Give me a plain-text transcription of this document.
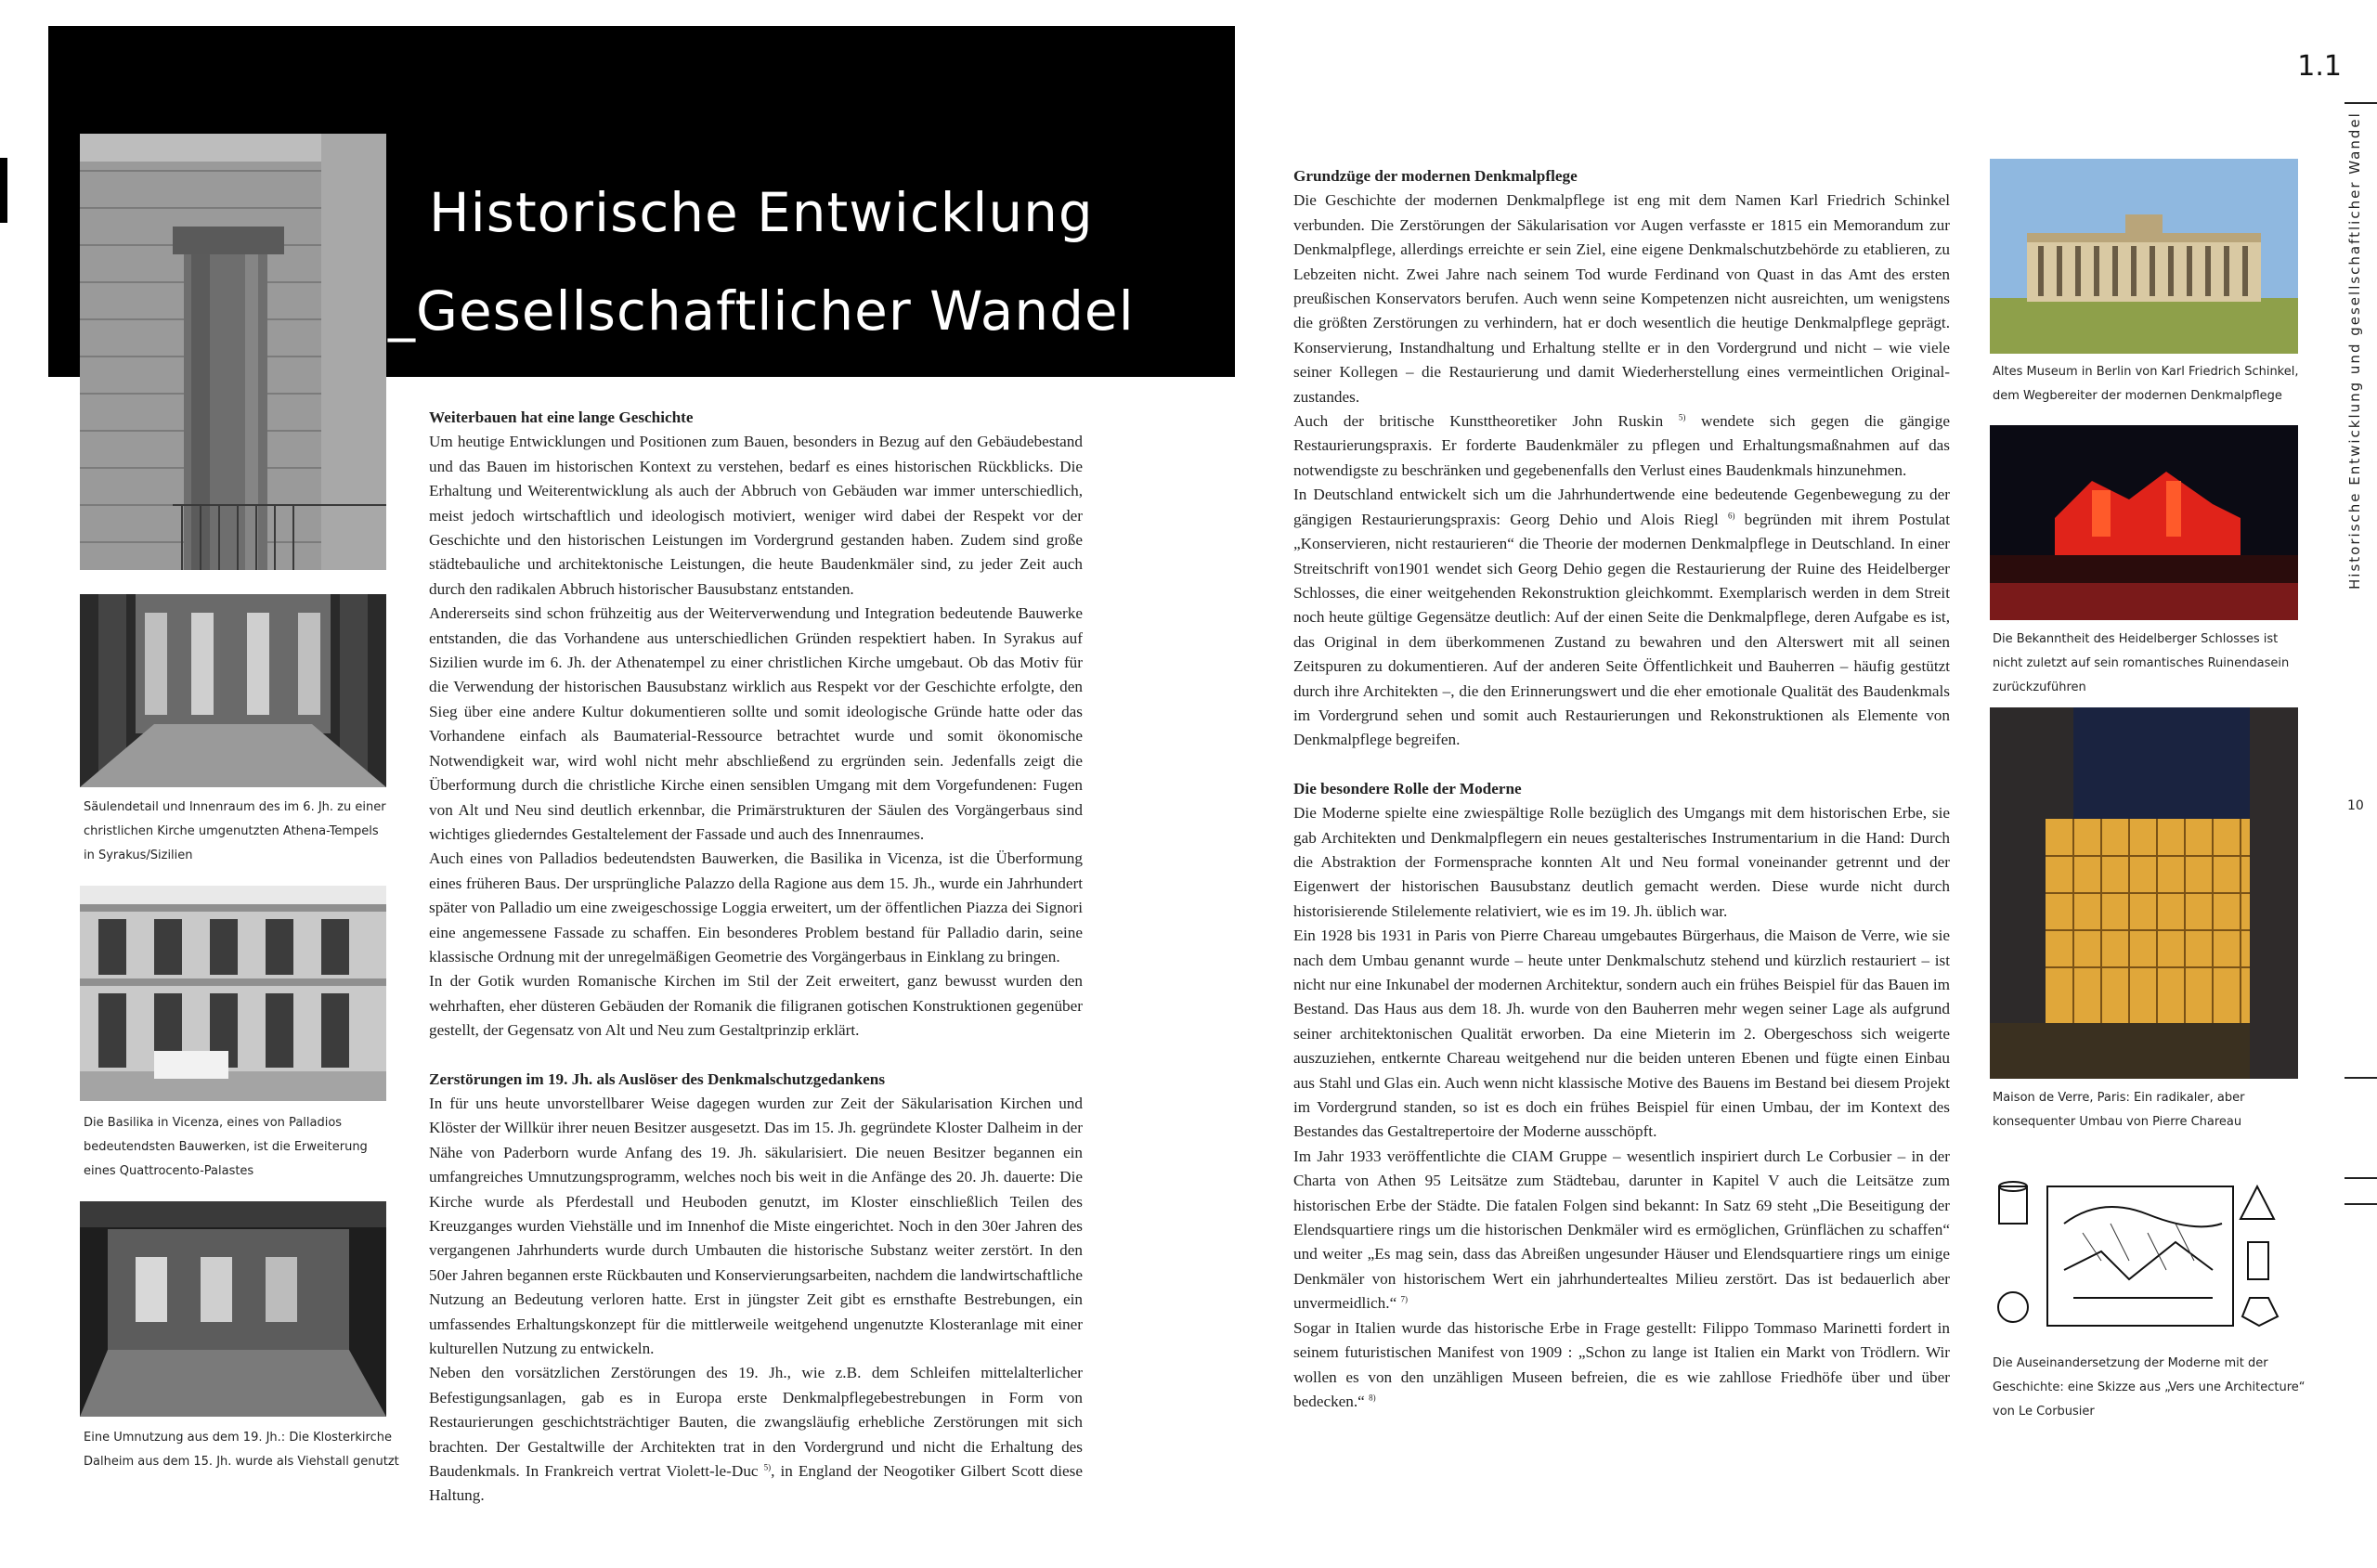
Historische Entwicklung
_Gesellschaftlicher Wandel
Säulendetail und Innenraum des im 6. Jh. zu einer
christlichen Kirche umgenutzten Athena-Tempels
in Syrakus/Sizilien
Die Basilika in Vicenza, eines von Palladios
bedeutendsten Bauwerken, ist die Erweiterung
eines Quattrocento-Palastes
Eine Umnutzung aus dem 19. Jh.: Die Klosterkirche
Dalheim aus dem 15. Jh. wurde als Viehstall genutzt
Weiterbauen hat eine lange Geschichte

Um heutige Entwicklungen und Positionen zum Bauen, besonders in Bezug auf den Gebäudebestand und das Bauen im historischen Kontext zu verstehen, bedarf es eines historischen Rückblicks. Die Erhaltung und Weiterentwicklung als auch der Abbruch von Gebäuden war immer unterschiedlich, meist jedoch wirtschaftlich und ideologisch motiviert, weniger wird dabei der Respekt vor der Geschichte und den historischen Leistungen im Vordergrund gestanden haben. Zudem sind große städtebauliche und architektonische Leistungen, die heute Baudenkmäler sind, zu jeder Zeit auch durch den radikalen Abbruch historischer Bausubstanz entstanden.

Andererseits sind schon frühzeitig aus der Weiterverwendung und Integration bedeutende Bauwerke entstanden, die das Vorhandene aus unterschiedlichen Gründen respektiert haben. In Syrakus auf Sizilien wurde im 6. Jh. der Athenatempel zu einer christlichen Kirche umgebaut. Ob das Motiv für die Verwendung der historischen Bausubstanz wirklich aus Respekt vor der Geschichte erfolgte, den Sieg über eine andere Kultur dokumentieren sollte und somit ideologische Gründe hatte oder das Vorhandene einfach als Baumaterial-Ressource betrachtet wurde und somit ökonomische Notwendigkeit war, wird wohl nicht mehr abschließend zu ergründen sein. Jedenfalls zeigt die Überformung durch die christliche Kirche einen sensiblen Umgang mit dem Vorgefundenen: Fugen von Alt und Neu sind deutlich erkennbar, die Primärstrukturen der Säulen des Vorgängerbaus sind wichtiges gliederndes Gestaltelement der Fassade und auch des Innenraumes.

Auch eines von Palladios bedeutendsten Bauwerken, die Basilika in Vicenza, ist die Überformung eines früheren Baus. Der ursprüngliche Palazzo della Ragione aus dem 15. Jh., wurde ein Jahrhundert später von Palladio um eine zweigeschossige Loggia erweitert, um der öffentlichen Piazza dei Signori eine angemessene Fassade zu schaffen. Ein besonderes Problem bestand für Palladio darin, seine klassische Ordnung mit der unregelmäßigen Geometrie des Vorgängerbaus in Einklang zu bringen.

In der Gotik wurden Romanische Kirchen im Stil der Zeit erweitert, ganz bewusst wurden den wehrhaften, eher düsteren Gebäuden der Romanik die filigranen gotischen Konstruktionen gegenüber gestellt, der Gegensatz von Alt und Neu zum Gestaltprinzip erklärt.

Zerstörungen im 19. Jh. als Auslöser des Denkmalschutzgedankens

In für uns heute unvorstellbarer Weise dagegen wurden zur Zeit der Säkularisation Kirchen und Klöster der Willkür ihrer neuen Besitzer ausgesetzt. Das im 15. Jh. gegründete Kloster Dalheim in der Nähe von Paderborn wurde Anfang des 19. Jh. säkularisiert. Die neuen Besitzer begannen ein umfangreiches Umnutzungsprogramm, welches noch bis weit in die Anfänge des 20. Jh. dauerte: Die Kirche wurde als Pferdestall und Heuboden genutzt, im Kloster einschließlich Teilen des Kreuzganges wurden Viehställe und im Innenhof die Miste eingerichtet. Noch in den 30er Jahren des vergangenen Jahrhunderts wurde durch Umbauten die historische Substanz weiter zerstört. In den 50er Jahren begannen erste Rückbauten und Konservierungsarbeiten, nachdem die landwirtschaftliche Nutzung an Bedeutung verloren hatte. Erst in jüngster Zeit gibt es ernsthafte Bestrebungen, ein umfassendes Erhaltungskonzept für die mittlerweile weitgehend ungenutzte Klosteranlage mit einer kulturellen Nutzung zu entwickeln.

Neben den vorsätzlichen Zerstörungen des 19. Jh., wie z.B. dem Schleifen mittelalterlicher Befestigungsanlagen, gab es in Europa erste Denkmalpflegebestrebungen in Form von Restaurierungen geschichtsträchtiger Bauten, die zwangsläufig erhebliche Zerstörungen mit sich brachten. Der Gestaltwille der Architekten trat in den Vordergrund und nicht die Erhaltung des Baudenkmals. In Frankreich vertrat Violett-le-Duc $^{5)}$, in England der Neogotiker Gilbert Scott diese Haltung.

Grundzüge der modernen Denkmalpflege

Die Geschichte der modernen Denkmalpflege ist eng mit dem Namen Karl Friedrich Schinkel verbunden. Die Zerstörungen der Säkularisation vor Augen verfasste er 1815 ein Memorandum zur Denkmalpflege, allerdings erreichte er sein Ziel, eine eigene Denkmalschutzbehörde zu etablieren, zu Lebzeiten nicht. Zwei Jahre nach seinem Tod wurde Ferdinand von Quast in das Amt des ersten preußischen Konservators berufen. Auch wenn seine Kompetenzen nicht ausreichten, um wenigstens die größten Zerstörungen zu verhindern, hat er doch wesentlich die heutige Denkmalpflege geprägt. Konservierung, Instandhaltung und Erhaltung stellte er in den Vordergrund und nicht – wie viele seiner Kollegen – die Restaurierung und damit Wiederherstellung eines vermeintlichen Original-zustandes.

Auch der britische Kunsttheoretiker John Ruskin $^{5)}$ wendete sich gegen die gängige Restaurierungspraxis. Er forderte Baudenkmäler zu pflegen und Erhaltungsmaßnahmen auf das notwendigste zu beschränken und gegebenenfalls den Verlust eines Baudenkmals hinzunehmen.

In Deutschland entwickelt sich um die Jahrhundertwende eine bedeutende Gegenbewegung zu der gängigen Restaurierungspraxis: Georg Dehio und Alois Riegl $^{6)}$ begründen mit ihrem Postulat „Konservieren, nicht restaurieren“ die Theorie der modernen Denkmalpflege in Deutschland. In einer Streitschrift von1901 wendet sich Georg Dehio gegen die Restaurierung der Ruine des Heidelberger Schlosses, die einer weitgehenden Rekonstruktion gleichkommt. Exemplarisch werden in dem Streit noch heute gültige Gegensätze deutlich: Auf der einen Seite die Denkmalpflege, deren Aufgabe es ist, das Original in dem überkommenen Zustand zu bewahren und den Alterswert mit all seinen Zeitspuren zu dokumentieren. Auf der anderen Seite Öffentlichkeit und Bauherren – häufig gestützt durch ihre Architekten –, die den Erinnerungswert und die eher emotionale Qualität des Baudenkmals im Vordergrund sehen und somit auch Restaurierungen und Rekonstruktionen als Elemente von Denkmalpflege begreifen.

Die besondere Rolle der Moderne

Die Moderne spielte eine zwiespältige Rolle bezüglich des Umgangs mit dem historischen Erbe, sie gab Architekten und Denkmalpflegern ein neues gestalterisches Instrumentarium in die Hand: Durch die Abstraktion der Formensprache konnten Alt und Neu formal voneinander getrennt und der Eigenwert der historischen Bausubstanz deutlich gemacht werden. Diese wurde nicht durch historisierende Stilelemente relativiert, wie es im 19. Jh. üblich war.

Ein 1928 bis 1931 in Paris von Pierre Chareau umgebautes Bürgerhaus, die Maison de Verre, wie sie nach dem Umbau genannt wurde – heute unter Denkmalschutz stehend und kürzlich restauriert – ist nicht nur eine Inkunabel der modernen Architektur, sondern auch ein frühes Beispiel für das Bauen im Bestand. Das Haus aus dem 18. Jh. wurde von den Bauherren mehr wegen seiner Lage als aufgrund seiner architektonischen Qualität erworben. Da eine Mieterin im 2. Obergeschoss sich weigerte auszuziehen, entkernte Chareau weitgehend nur die beiden unteren Ebenen und fügte einen Einbau aus Stahl und Glas ein. Auch wenn nicht klassische Motive des Bauens im Bestand bei diesem Projekt im Vordergrund standen, so ist es doch ein frühes Beispiel für einen Umbau, der im Kontext des Bestandes das Gestaltrepertoire der Moderne ausschöpft.

Im Jahr 1933 veröffentlichte die CIAM Gruppe – wesentlich inspiriert durch Le Corbusier – in der Charta von Athen 95 Leitsätze zum Städtebau, darunter in Kapitel V auch die Leitsätze zum historischen Erbe der Städte. Die fatalen Folgen sind bekannt: In Satz 69 steht „Die Beseitigung der Elendsquartiere rings um die historischen Denkmäler wird es ermöglichen, Grünflächen zu schaffen“ und weiter „Es mag sein, dass das Abreißen ungesunder Häuser und Elendsquartiere rings um einige Denkmäler von historischem Wert ein jahrhundertealtes Milieu zerstört. Das ist bedauerlich aber unvermeidlich.“ $^{7)}$

Sogar in Italien wurde das historische Erbe in Frage gestellt: Filippo Tommaso Marinetti fordert in seinem futuristischen Manifest von 1909 : „Schon zu lange ist Italien ein Markt von Trödlern. Wir wollen es von den unzähligen Museen befreien, die es wie zahllose Friedhöfe über und über bedecken.“ $^{8)}$

Altes Museum in Berlin von Karl Friedrich Schinkel,
dem Wegbereiter der modernen Denkmalpflege
Die Bekanntheit des Heidelberger Schlosses ist
nicht zuletzt auf sein romantisches Ruinendasein
zurückzuführen
Maison de Verre, Paris: Ein radikaler, aber
konsequenter Umbau von Pierre Chareau
Die Auseinandersetzung der Moderne mit der
Geschichte: eine Skizze aus „Vers une Architecture“
von Le Corbusier
1.1
Historische Entwicklung und gesellschaftlicher Wandel
10
